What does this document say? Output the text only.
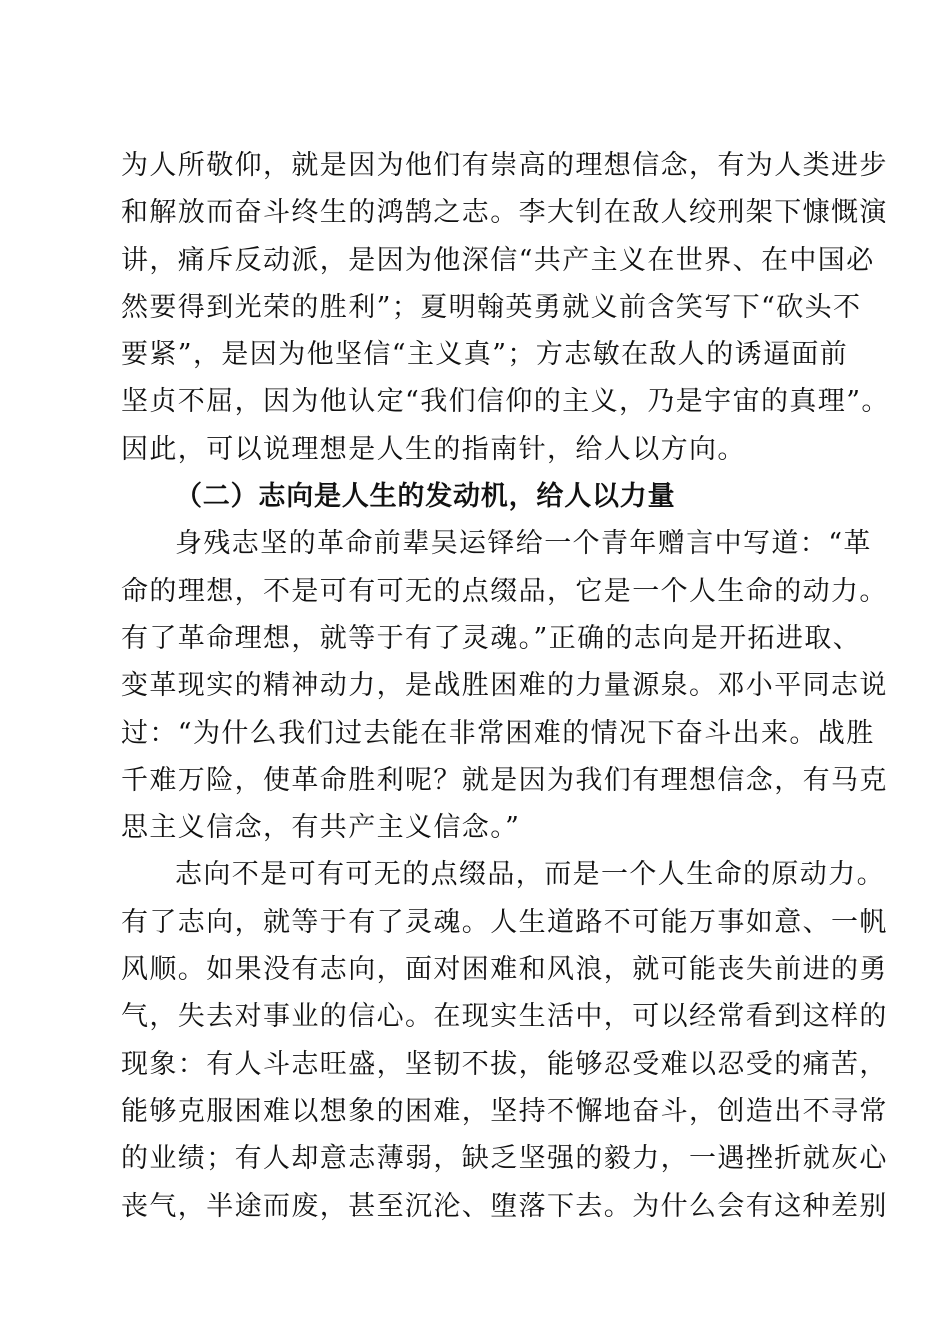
为人所敬仰，就是因为他们有崇高的理想信念，有为人类进步
和解放而奋斗终生的鸿鹄之志。李大钊在敌人绞刑架下慷慨演
讲，痛斥反动派，是因为他深信“共产主义在世界、在中国必
然要得到光荣的胜利”；夏明翰英勇就义前含笑写下“砍头不
要紧”，是因为他坚信“主义真”；方志敏在敌人的诱逼面前
坚贞不屈，因为他认定“我们信仰的主义，乃是宇宙的真理”。
因此，可以说理想是人生的指南针，给人以方向。
（二）志向是人生的发动机，给人以力量
身残志坚的革命前辈吴运铎给一个青年赠言中写道：“革
命的理想，不是可有可无的点缀品，它是一个人生命的动力。
有了革命理想，就等于有了灵魂。”正确的志向是开拓进取、
变革现实的精神动力，是战胜困难的力量源泉。邓小平同志说
过：“为什么我们过去能在非常困难的情况下奋斗出来。战胜
千难万险，使革命胜利呢？就是因为我们有理想信念，有马克
思主义信念，有共产主义信念。”
志向不是可有可无的点缀品，而是一个人生命的原动力。
有了志向，就等于有了灵魂。人生道路不可能万事如意、一帆
风顺。如果没有志向，面对困难和风浪，就可能丧失前进的勇
气，失去对事业的信心。在现实生活中，可以经常看到这样的
现象：有人斗志旺盛，坚韧不拔，能够忍受难以忍受的痛苦，
能够克服困难以想象的困难，坚持不懈地奋斗，创造出不寻常
的业绩；有人却意志薄弱，缺乏坚强的毅力，一遇挫折就灰心
丧气，半途而废，甚至沉沦、堕落下去。为什么会有这种差别
